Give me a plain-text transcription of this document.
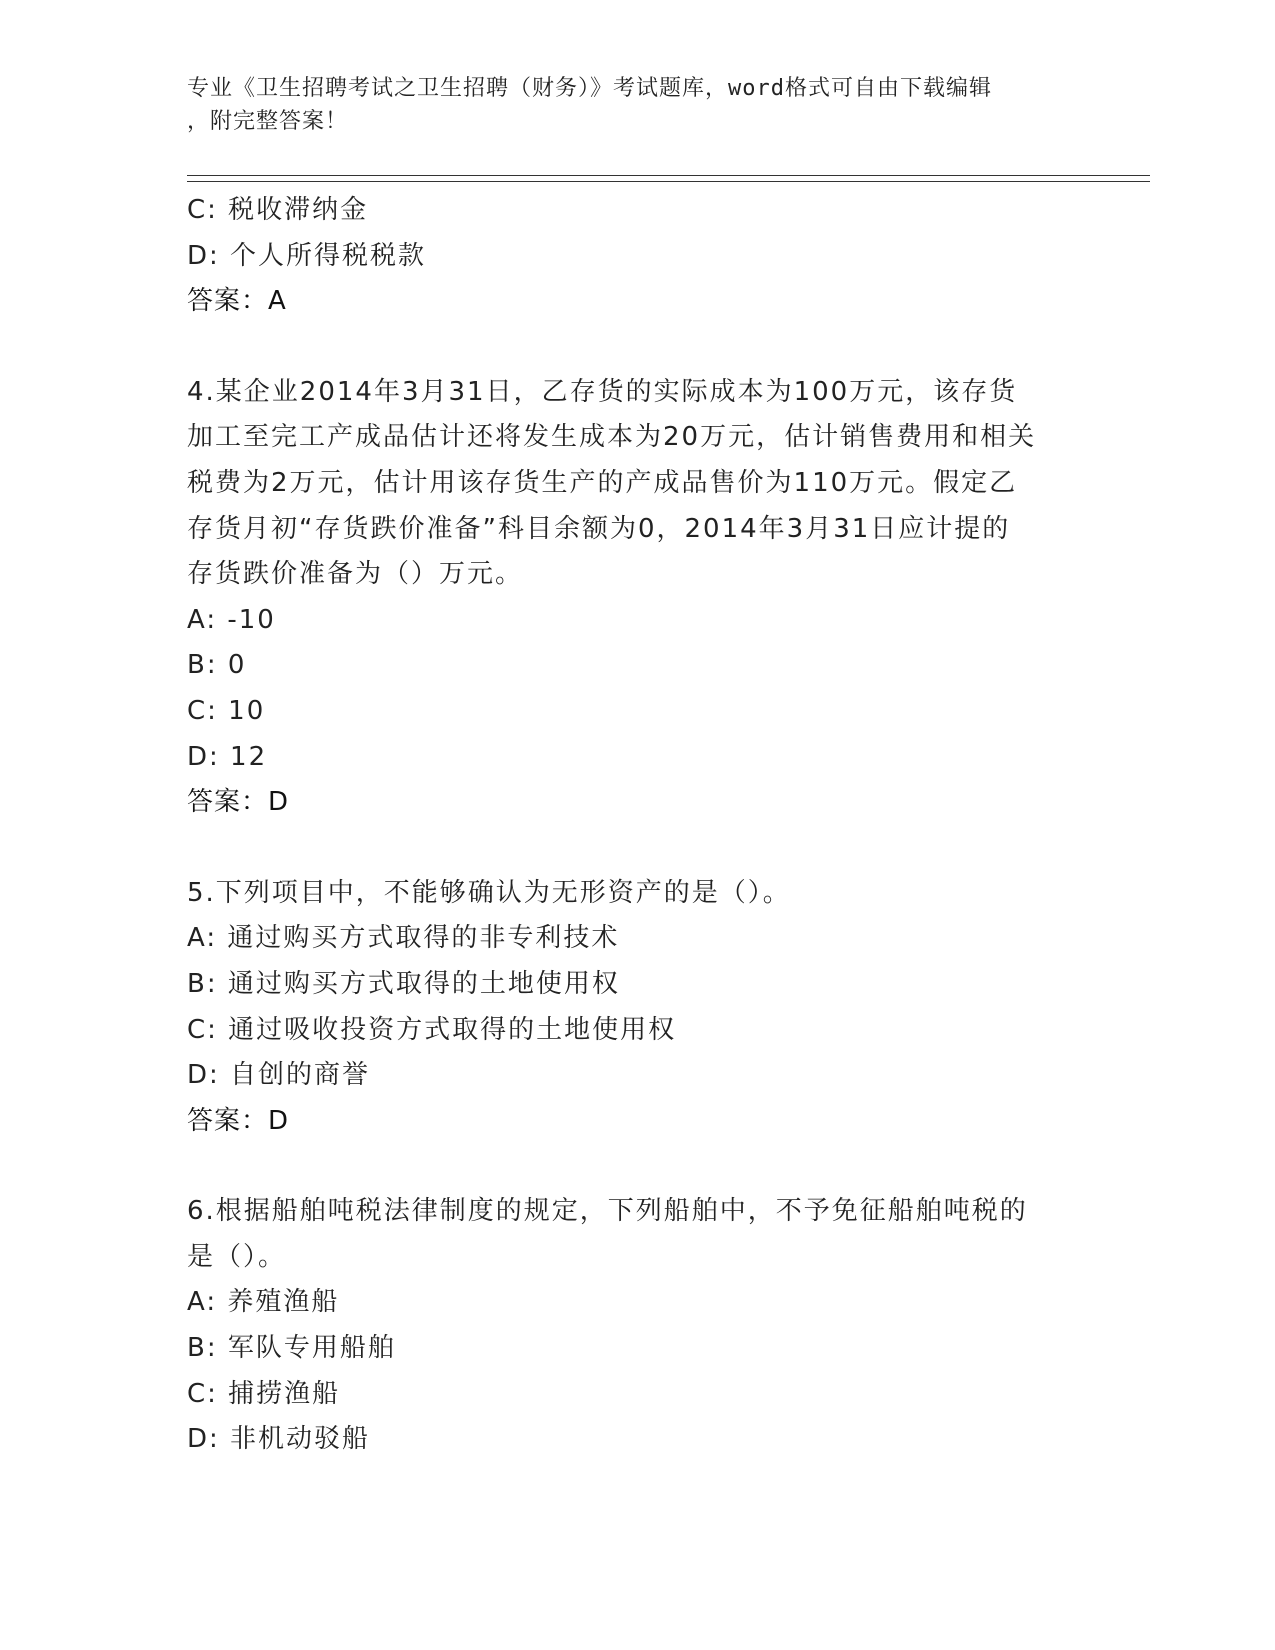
专业《卫生招聘考试之卫生招聘（财务）》考试题库，word格式可自由下载编辑
，附完整答案！
C: 税收滞纳金
D: 个人所得税税款
答案：A
4.某企业2014年3月31日，乙存货的实际成本为100万元，该存货
加工至完工产成品估计还将发生成本为20万元，估计销售费用和相关
税费为2万元，估计用该存货生产的产成品售价为110万元。假定乙
存货月初“存货跌价准备”科目余额为0，2014年3月31日应计提的
存货跌价准备为（）万元。
A: -10
B: 0
C: 10
D: 12
答案：D
5.下列项目中，不能够确认为无形资产的是（）。
A: 通过购买方式取得的非专利技术
B: 通过购买方式取得的土地使用权
C: 通过吸收投资方式取得的土地使用权
D: 自创的商誉
答案：D
6.根据船舶吨税法律制度的规定，下列船舶中，不予免征船舶吨税的
是（）。
A: 养殖渔船
B: 军队专用船舶
C: 捕捞渔船
D: 非机动驳船
